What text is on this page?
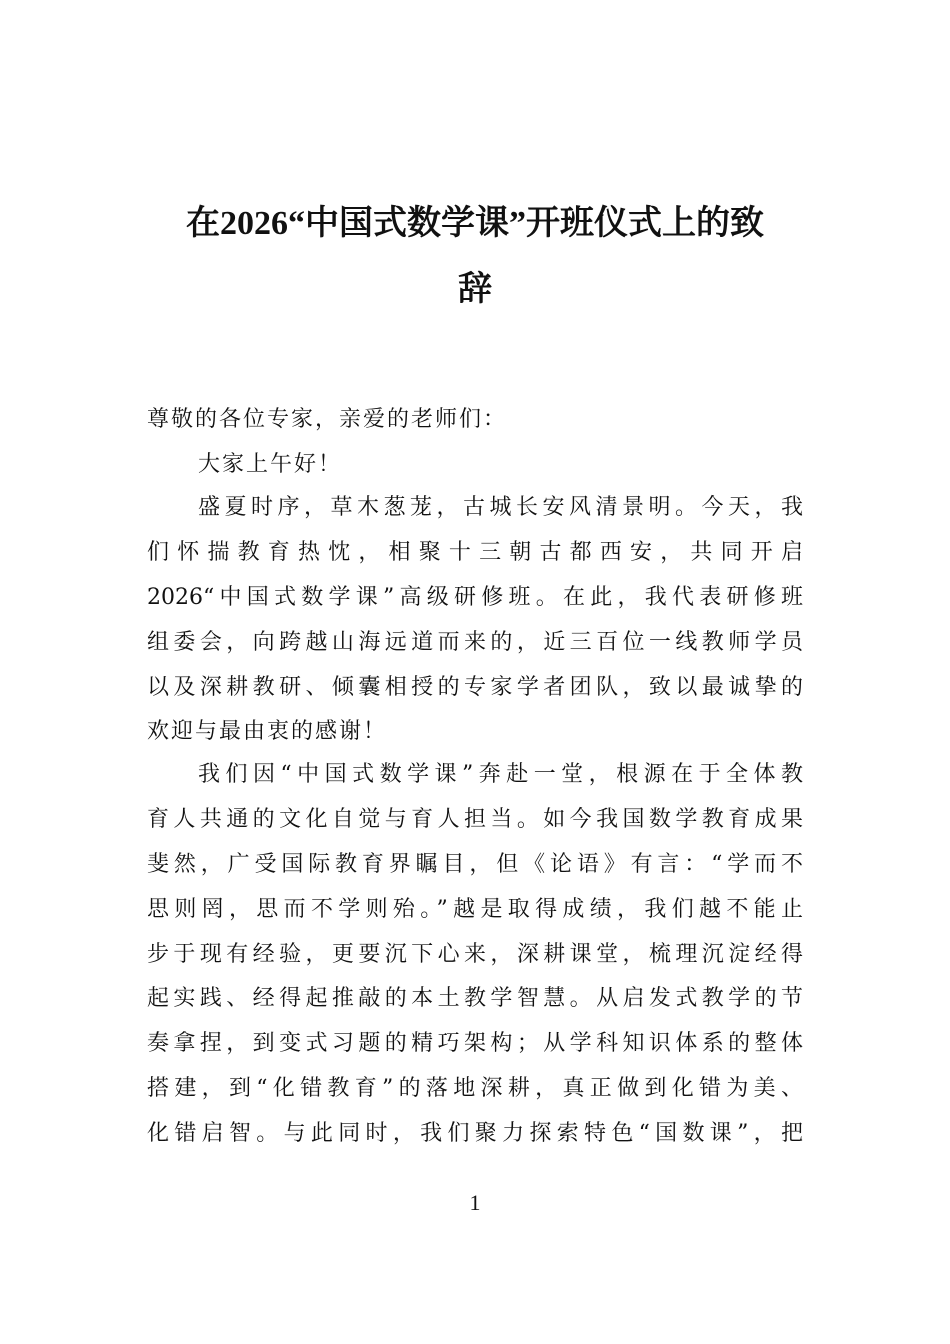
在2026“中国式数学课”开班仪式上的致
辞
尊敬的各位专家，亲爱的老师们：
大家上午好！
盛夏时序，草木葱茏，古城长安风清景明。今天，我
们怀揣教育热忱，相聚十三朝古都西安，共同开启
2026“中国式数学课”高级研修班。在此，我代表研修班
组委会，向跨越山海远道而来的，近三百位一线教师学员
以及深耕教研、倾囊相授的专家学者团队，致以最诚挚的
欢迎与最由衷的感谢！
我们因“中国式数学课”奔赴一堂，根源在于全体教
育人共通的文化自觉与育人担当。如今我国数学教育成果
斐然，广受国际教育界瞩目，但《论语》有言：“学而不
思则罔，思而不学则殆。”越是取得成绩，我们越不能止
步于现有经验，更要沉下心来，深耕课堂，梳理沉淀经得
起实践、经得起推敲的本土教学智慧。从启发式教学的节
奏拿捏，到变式习题的精巧架构；从学科知识体系的整体
搭建，到“化错教育”的落地深耕，真正做到化错为美、
化错启智。与此同时，我们聚力探索特色“国数课”，把
1
